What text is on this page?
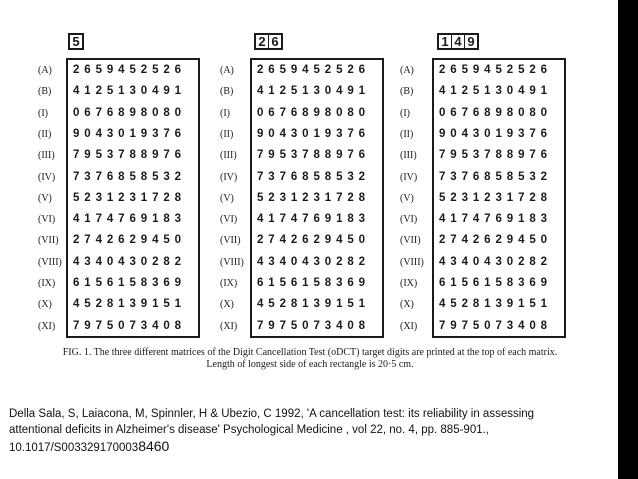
5	2 6	1 4 9
(A)	2659452526
(B)	4125130491
(I)	0676898080
(II)	9043019376
(III)	7953788976
(IV)	7376858532
(V)	5231231728
(VI)	4174769183
(VII)	2742629450
(VIII) 4340430282
(IX)	6156158369
(X)	4528139151
(XI)	7975073408
(A)	2659452526
(B)	4125130491
(I)	0676898080
(II)	9043019376
(III)	7953788976
(IV)	7376858532
(V)	5231231728
(VI)	4174769183
(VII)	2742629450
(VIII)	4340430282
(IX)	6156158369
(X)	4528139151
(XI)	7975073408
(A)	2659452526
(B)	4125130491
(I)	0676898080
(II)	9043019376
(III)	7953788976
(IV)	7376858532
(V)	5231231728
(VI)	4174769183
(VII)	2742629450
(VIII)	4340430282
(IX)	6156158369
(X)	4528139151
(XI)	7975073408
FIG. 1. The three different matrices of the Digit Cancellation Test (oDCT) target digits are printed at the top of each matrix.
Length of longest side of each rectangle is 20·5 cm.
Della Sala, S, Laiacona, M, Spinnler, H & Ubezio, C 1992, 'A cancellation test: its reliability in assessing attentional deficits in Alzheimer's disease' Psychological Medicine , vol 22, no. 4, pp. 885-901., 10.1017/S0033291700038460
